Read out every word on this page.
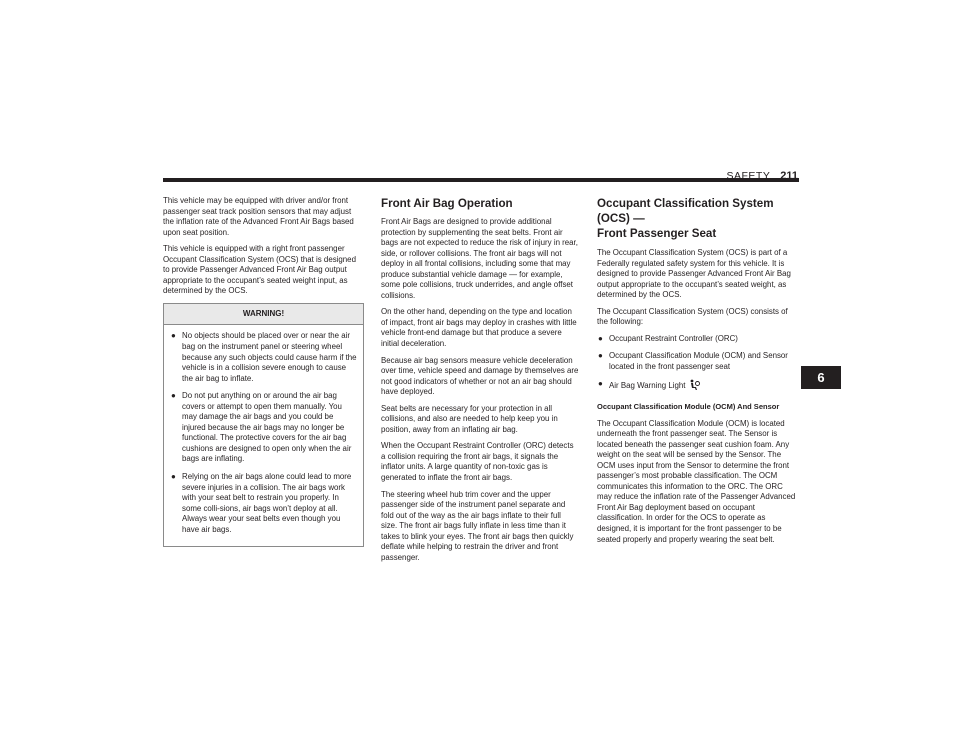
SAFETY 211

This vehicle may be equipped with driver and/or front passenger seat track position sensors that may adjust the inflation rate of the Advanced Front Air Bags based upon seat position.

This vehicle is equipped with a right front passenger Occupant Classification System (OCS) that is designed to provide Passenger Advanced Front Air Bag output appropriate to the occupant’s seated weight input, as determined by the OCS.

WARNING!
● No objects should be placed over or near the air bag on the instrument panel or steering wheel because any such objects could cause harm if the vehicle is in a collision severe enough to cause the air bag to inflate.
● Do not put anything on or around the air bag covers or attempt to open them manually. You may damage the air bags and you could be injured because the air bags may no longer be functional. The protective covers for the air bag cushions are designed to open only when the air bags are inflating.
● Relying on the air bags alone could lead to more severe injuries in a collision. The air bags work with your seat belt to restrain you properly. In some colli-sions, air bags won’t deploy at all. Always wear your seat belts even though you have air bags.
Front Air Bag Operation

Front Air Bags are designed to provide additional protection by supplementing the seat belts. Front air bags are not expected to reduce the risk of injury in rear, side, or rollover collisions. The front air bags will not deploy in all frontal collisions, including some that may produce substantial vehicle damage — for example, some pole collisions, truck underrides, and angle offset collisions.

On the other hand, depending on the type and location of impact, front air bags may deploy in crashes with little vehicle front-end damage but that produce a severe initial deceleration.

Because air bag sensors measure vehicle deceleration over time, vehicle speed and damage by themselves are not good indicators of whether or not an air bag should have deployed.

Seat belts are necessary for your protection in all collisions, and also are needed to help keep you in position, away from an inflating air bag.

When the Occupant Restraint Controller (ORC) detects a collision requiring the front air bags, it signals the inflator units. A large quantity of non-toxic gas is generated to inflate the front air bags.

The steering wheel hub trim cover and the upper passenger side of the instrument panel separate and fold out of the way as the air bags inflate to their full size. The front air bags fully inflate in less time than it takes to blink your eyes. The front air bags then quickly deflate while helping to restrain the driver and front passenger.

Occupant Classification System (OCS) —
Front Passenger Seat

The Occupant Classification System (OCS) is part of a Federally regulated safety system for this vehicle. It is designed to provide Passenger Advanced Front Air Bag output appropriate to the occupant’s seated weight, as determined by the OCS.

The Occupant Classification System (OCS) consists of the following:

● Occupant Restraint Controller (ORC)
● Occupant Classification Module (OCM) and Sensor located in the front passenger seat
● Air Bag Warning Light

Occupant Classification Module (OCM) And Sensor

The Occupant Classification Module (OCM) is located underneath the front passenger seat. The Sensor is located beneath the passenger seat cushion foam. Any weight on the seat will be sensed by the Sensor. The OCM uses input from the Sensor to determine the front passenger’s most probable classification. The OCM communicates this information to the ORC. The ORC may reduce the inflation rate of the Passenger Advanced Front Air Bag deployment based on occupant classification. In order for the OCS to operate as designed, it is important for the front passenger to be seated properly and properly wearing the seat belt.

6
